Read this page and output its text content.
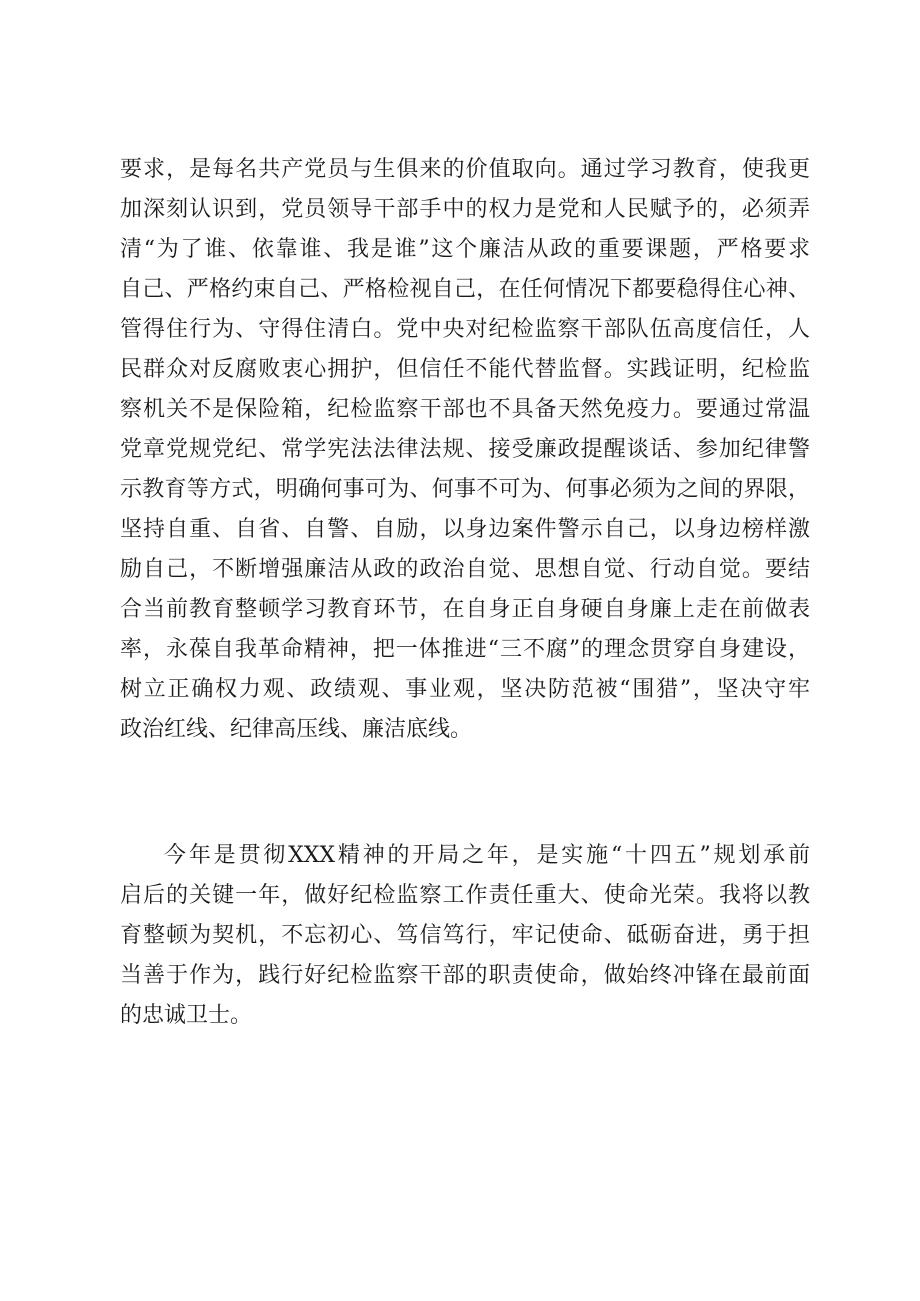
要求，是每名共产党员与生俱来的价值取向。通过学习教育，使我更
加深刻认识到，党员领导干部手中的权力是党和人民赋予的，必须弄
清“为了谁、依靠谁、我是谁”这个廉洁从政的重要课题，严格要求
自己、严格约束自己、严格检视自己，在任何情况下都要稳得住心神、
管得住行为、守得住清白。党中央对纪检监察干部队伍高度信任，人
民群众对反腐败衷心拥护，但信任不能代替监督。实践证明，纪检监
察机关不是保险箱，纪检监察干部也不具备天然免疫力。要通过常温
党章党规党纪、常学宪法法律法规、接受廉政提醒谈话、参加纪律警
示教育等方式，明确何事可为、何事不可为、何事必须为之间的界限，
坚持自重、自省、自警、自励，以身边案件警示自己，以身边榜样激
励自己，不断增强廉洁从政的政治自觉、思想自觉、行动自觉。要结
合当前教育整顿学习教育环节，在自身正自身硬自身廉上走在前做表
率，永葆自我革命精神，把一体推进“三不腐”的理念贯穿自身建设，
树立正确权力观、政绩观、事业观，坚决防范被“围猎”，坚决守牢
政治红线、纪律高压线、廉洁底线。
今年是贯彻XXX精神的开局之年，是实施“十四五”规划承前
启后的关键一年，做好纪检监察工作责任重大、使命光荣。我将以教
育整顿为契机，不忘初心、笃信笃行，牢记使命、砥砺奋进，勇于担
当善于作为，践行好纪检监察干部的职责使命，做始终冲锋在最前面
的忠诚卫士。
